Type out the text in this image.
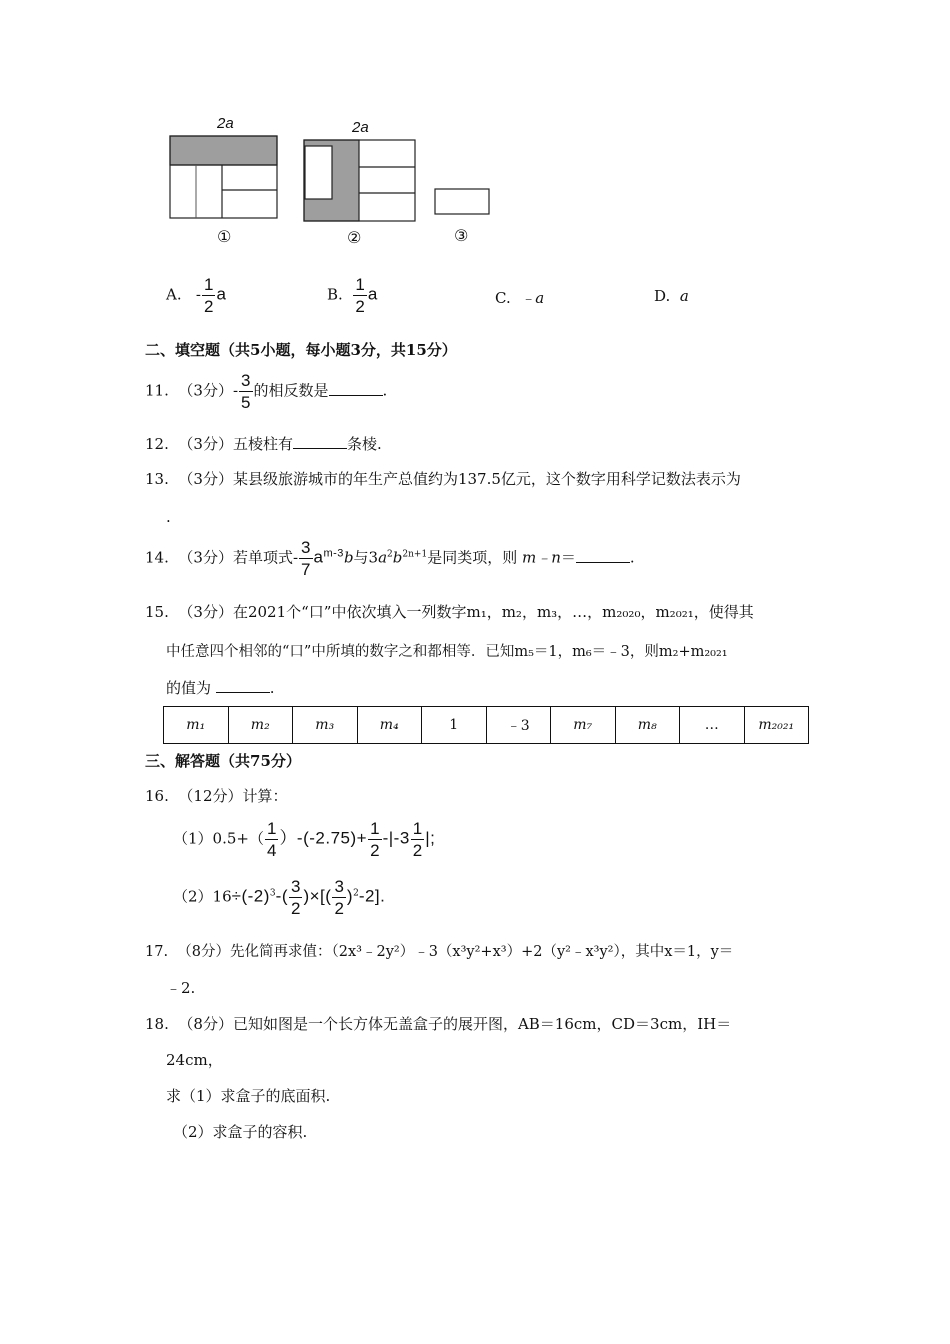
2a	2a
①	②	③
A. - $\frac{1}{2}$ a	B. $\frac{1}{2}$ a	C. ﹣a	D. a
二、填空题（共5小题，每小题3分，共15分）
11. （3分）- $\frac{3}{5}$ 的相反数是	.
12. （3分）五棱柱有	条棱.
13. （3分）某县级旅游城市的年生产总值约为137.5亿元，这个数字用科学记数法表示为
.
14. （3分）若单项式- $\frac{3}{7} a^{m-3}b$与$3a^2b^{2n+1}$是同类项，则 m﹣n＝	.
15. （3分）在2021个“口”中依次填入一列数字m₁，m₂，m₃，…，m₂₀₂₀，m₂₀₂₁，使得其
中任意四个相邻的“口”中所填的数字之和都相等．已知m₅＝1，m₆＝﹣3，则m₂+m₂₀₂₁
的值为	.
m₁	m₂	m₃	m₄	1	﹣3	m₇	m₈	…	m₂₀₂₁
三、解答题（共75分）
16. （12分）计算：
$(1)0.5+( \frac{1}{4} )-(-2.75)+ \frac{1}{2} -|-3 \frac{1}{2}$ |;
$(2)16\div(-2)^3-( \frac{3}{2}$ )×[( $\frac{3}{2} )^2-2$].
17. （8分）先化简再求值：（2x³﹣2y²）﹣3（x³y²+x³）+2（y²﹣x³y²），其中x＝1，y＝
﹣2.
18. （8分）已知如图是一个长方体无盖盒子的展开图，AB＝16cm，CD＝3cm，IH＝
24cm，
求（1）求盒子的底面积.
（2）求盒子的容积.
